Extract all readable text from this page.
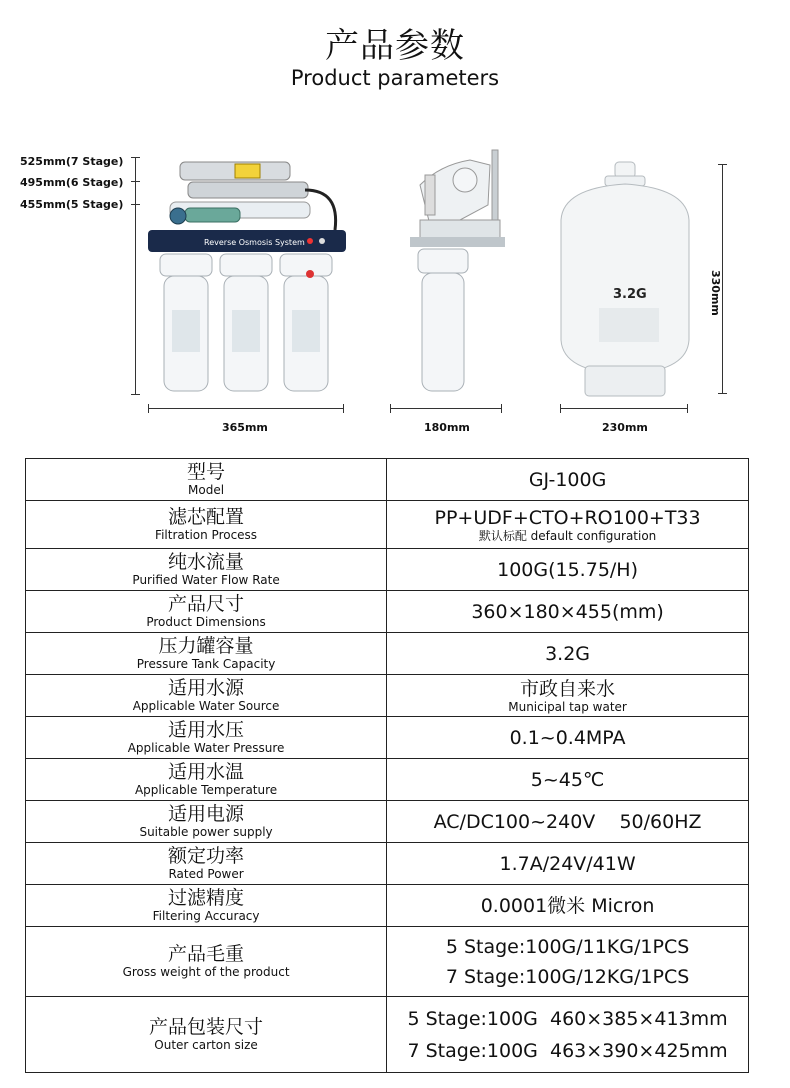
产品参数
Product parameters
525mm(7 Stage)
495mm(6 Stage)
455mm(5 Stage)
Reverse Osmosis System
365mm	180mm
3.2G	330mm
230mm
型号
Model	GJ-100G

滤芯配置
Filtration Process	PP+UDF+CTO+RO100+T33
默认标配 default configuration

纯水流量
Purified Water Flow Rate	100G(15.75/H)

产品尺寸
Product Dimensions	360×180×455(mm)

压力罐容量
Pressure Tank Capacity	3.2G

适用水源
Applicable Water Source	市政自来水
Municipal tap water

适用水压
Applicable Water Pressure	0.1~0.4MPA

适用水温
Applicable Temperature	5~45℃

适用电源
Suitable power supply	AC/DC100~240V    50/60HZ

额定功率
Rated Power	1.7A/24V/41W

过滤精度
Filtering Accuracy	0.0001微米 Micron

产品毛重
Gross weight of the product	5 Stage:100G/11KG/1PCS
7 Stage:100G/12KG/1PCS

产品包装尺寸
Outer carton size	5 Stage:100G  460×385×413mm
7 Stage:100G  463×390×425mm
